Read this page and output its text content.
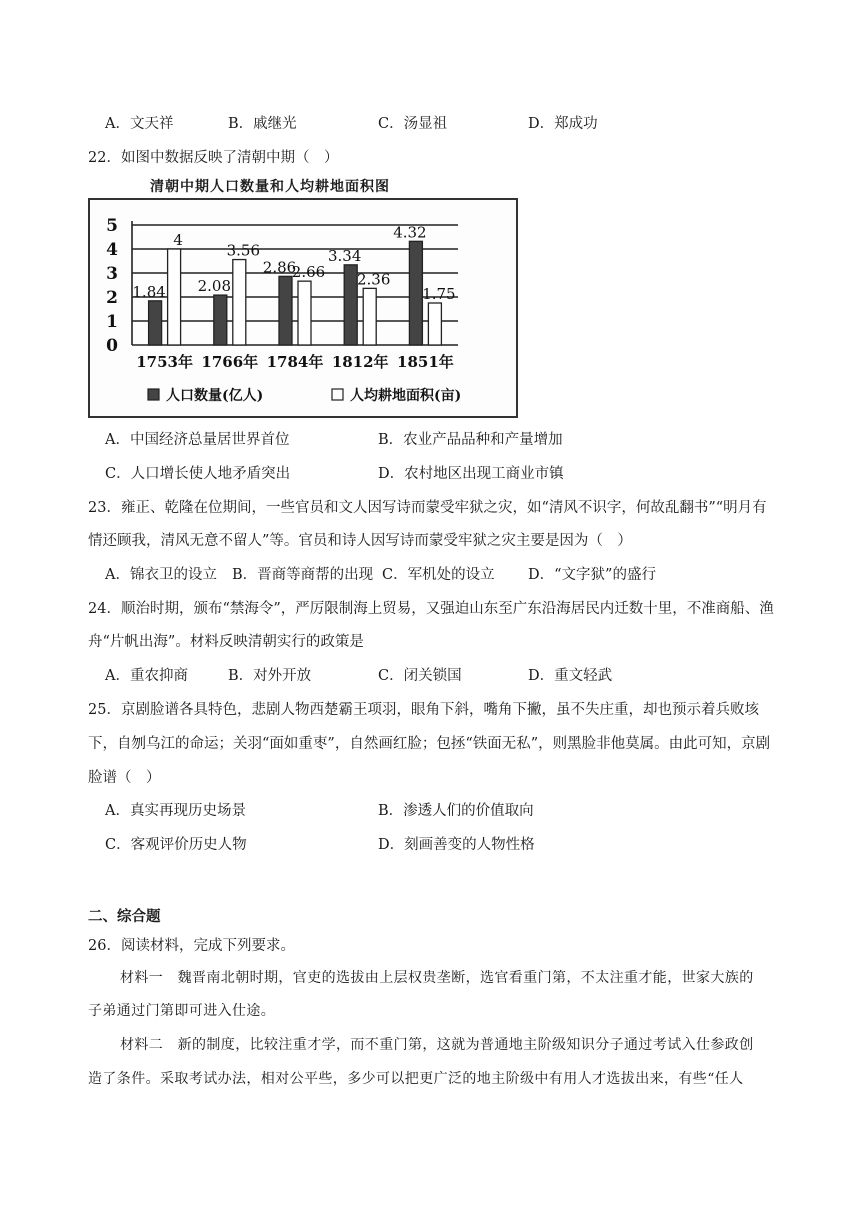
A．文天祥	B．戚继光	C．汤显祖	D．郑成功
22．如图中数据反映了清朝中期（　）
清朝中期人口数量和人均耕地面积图
0
1
2
3
4
5
1.84
4
1753年
2.08
3.56
1766年
2.86
2.66
1784年
3.34
2.36
1812年
4.32
1.75
1851年
人口数量(亿人)	人均耕地面积(亩)
A．中国经济总量居世界首位	B．农业产品品种和产量增加
C．人口增长使人地矛盾突出	D．农村地区出现工商业市镇
23．雍正、乾隆在位期间，一些官员和文人因写诗而蒙受牢狱之灾，如“清风不识字，何故乱翻书”“明月有
情还顾我，清风无意不留人”等。官员和诗人因写诗而蒙受牢狱之灾主要是因为（　）
A．锦衣卫的设立 B．晋商等商帮的出现 C．军机处的设立 D．“文字狱”的盛行
24．顺治时期，颁布“禁海令”，严厉限制海上贸易，又强迫山东至广东沿海居民内迁数十里，不准商船、渔
舟“片帆出海”。材料反映清朝实行的政策是
A．重农抑商	B．对外开放	C．闭关锁国	D．重文轻武
25．京剧脸谱各具特色，悲剧人物西楚霸王项羽，眼角下斜，嘴角下撇，虽不失庄重，却也预示着兵败垓
下，自刎乌江的命运；关羽“面如重枣”，自然画红脸；包拯“铁面无私”，则黑脸非他莫属。由此可知，京剧
脸谱（　）
A．真实再现历史场景	B．渗透人们的价值取向
C．客观评价历史人物	D．刻画善变的人物性格
二、综合题
26．阅读材料，完成下列要求。
材料一　魏晋南北朝时期，官吏的选拔由上层权贵垄断，选官看重门第，不太注重才能，世家大族的
子弟通过门第即可进入仕途。
材料二　新的制度，比较注重才学，而不重门第，这就为普通地主阶级知识分子通过考试入仕参政创
造了条件。采取考试办法，相对公平些，多少可以把更广泛的地主阶级中有用人才选拔出来，有些“任人
